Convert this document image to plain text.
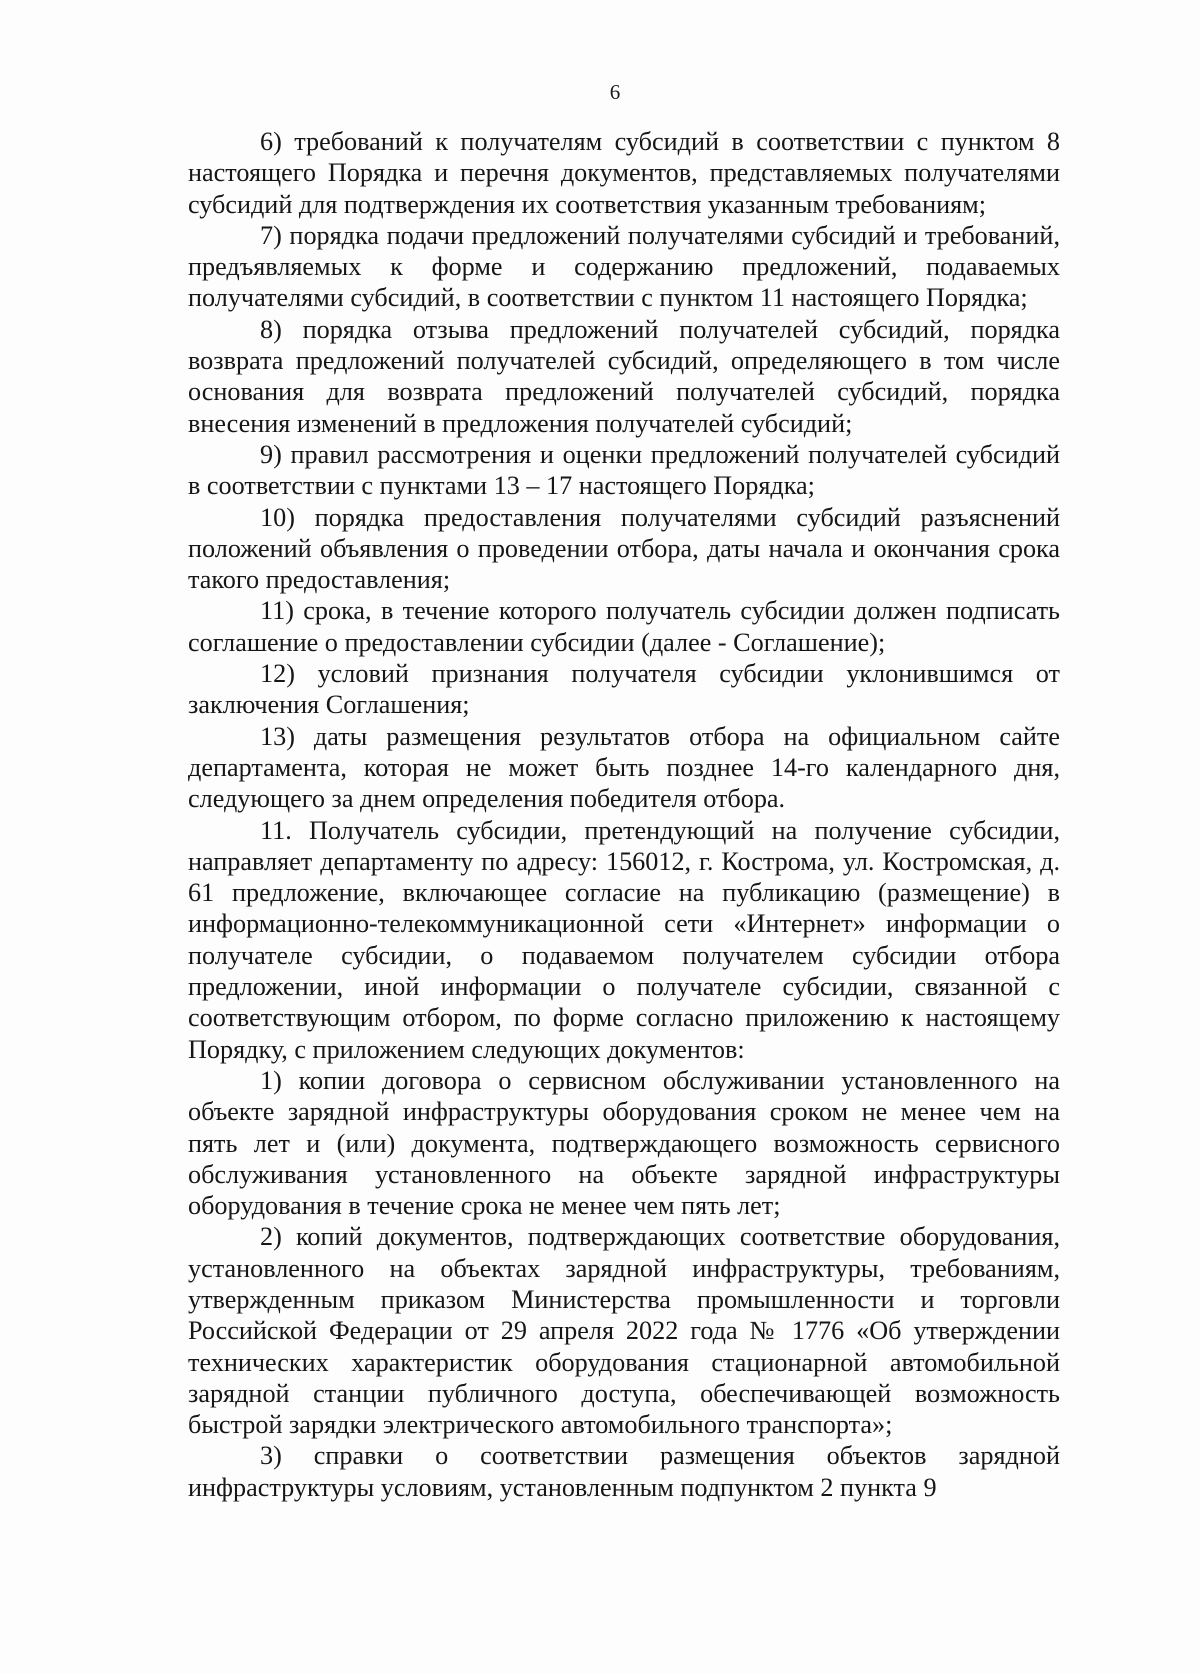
6

6) требований к получателям субсидий в соответствии с пунктом 8 настоящего Порядка и перечня документов, представляемых получателями субсидий для подтверждения их соответствия указанным требованиям;

7) порядка подачи предложений получателями субсидий и требований, предъявляемых к форме и содержанию предложений, подаваемых получателями субсидий, в соответствии с пунктом 11 настоящего Порядка;

8) порядка отзыва предложений получателей субсидий, порядка возврата предложений получателей субсидий, определяющего в том числе основания для возврата предложений получателей субсидий, порядка внесения изменений в предложения получателей субсидий;

9) правил рассмотрения и оценки предложений получателей субсидий в соответствии с пунктами 13 – 17 настоящего Порядка;

10) порядка предоставления получателями субсидий разъяснений положений объявления о проведении отбора, даты начала и окончания срока такого предоставления;

11) срока, в течение которого получатель субсидии должен подписать соглашение о предоставлении субсидии (далее - Соглашение);

12) условий признания получателя субсидии уклонившимся от заключения Соглашения;

13) даты размещения результатов отбора на официальном сайте департамента, которая не может быть позднее 14-го календарного дня, следующего за днем определения победителя отбора.

11. Получатель субсидии, претендующий на получение субсидии, направляет департаменту по адресу: 156012, г. Кострома, ул. Костромская, д. 61 предложение, включающее согласие на публикацию (размещение) в информационно-телекоммуникационной сети «Интернет» информации о получателе субсидии, о подаваемом получателем субсидии отбора предложении, иной информации о получателе субсидии, связанной с соответствующим отбором, по форме согласно приложению к настоящему Порядку, с приложением следующих документов:

1) копии договора о сервисном обслуживании установленного на объекте зарядной инфраструктуры оборудования сроком не менее чем на пять лет и (или) документа, подтверждающего возможность сервисного обслуживания установленного на объекте зарядной инфраструктуры оборудования в течение срока не менее чем пять лет;

2) копий документов, подтверждающих соответствие оборудования, установленного на объектах зарядной инфраструктуры, требованиям, утвержденным приказом Министерства промышленности и торговли Российской Федерации от 29 апреля 2022 года № 1776 «Об утверждении технических характеристик оборудования стационарной автомобильной зарядной станции публичного доступа, обеспечивающей возможность быстрой зарядки электрического автомобильного транспорта»;

3) справки о соответствии размещения объектов зарядной инфраструктуры условиям, установленным подпунктом 2 пункта 9
